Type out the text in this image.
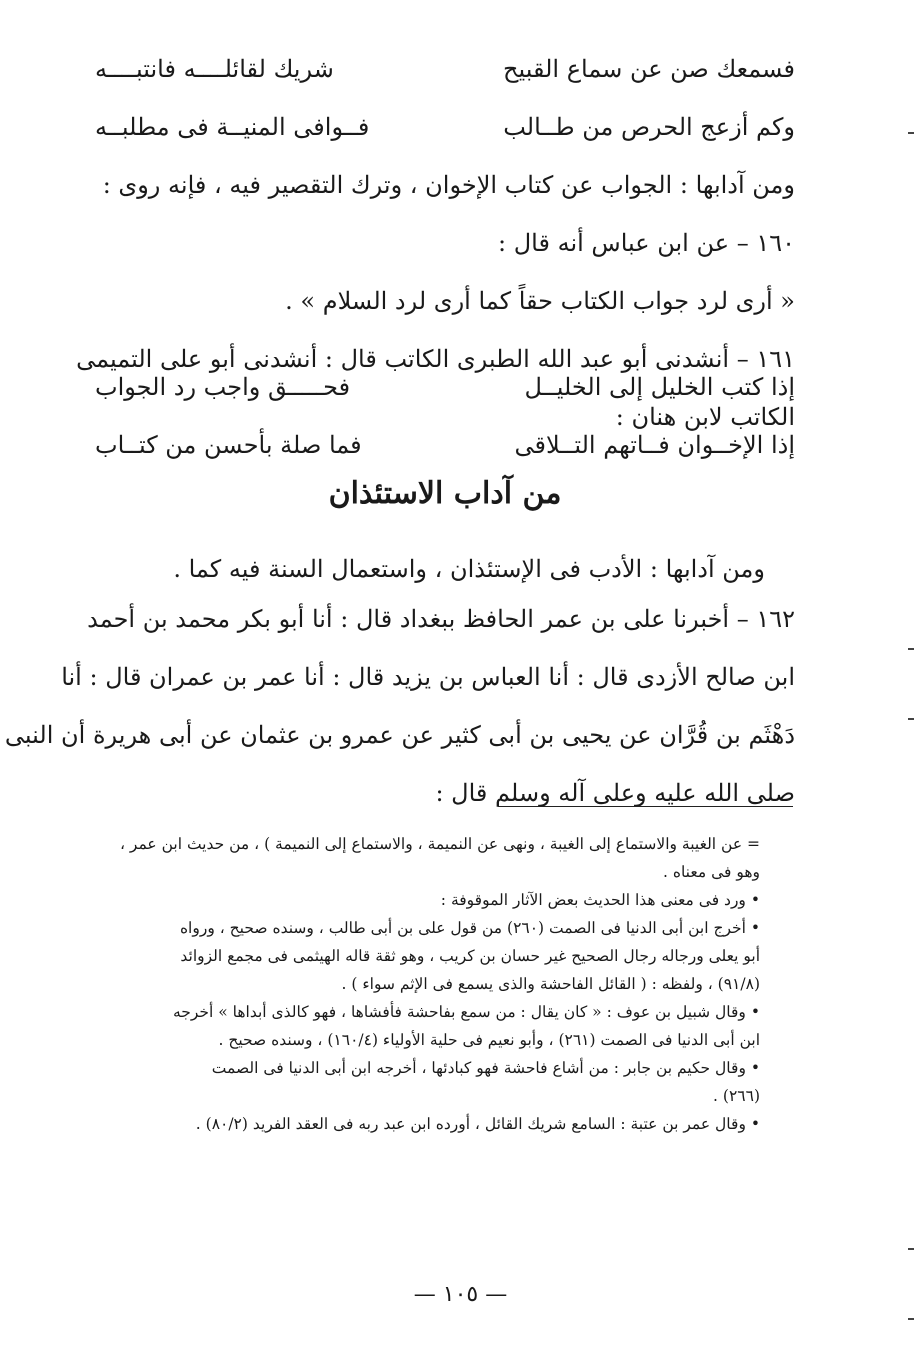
فسمعك صن عن سماع القبيح
شريك لقائلــــه فانتبــــه
وكم أزعج الحرص من طــالب
فــوافى المنيــة فى مطلبــه
ومن آدابها : الجواب عن كتاب الإخوان ، وترك التقصير فيه ، فإنه روى :
١٦٠ – عن ابن عباس أنه قال :
« أرى لرد جواب الكتاب حقاً كما أرى لرد السلام » .
١٦١ – أنشدنى أبو عبد الله الطبرى الكاتب قال : أنشدنى أبو على التميمى
الكاتب لابن هنان :
إذا كتب الخليل إلى الخليــل
فحـــــق واجب رد الجواب
إذا الإخــوان فــاتهم التــلاقى
فما صلة بأحسن من كتــاب
من آداب الاستئذان
ومن آدابها : الأدب فى الإستئذان ، واستعمال السنة فيه كما .
١٦٢ – أخبرنا على بن عمر الحافظ ببغداد قال : أنا أبو بكر محمد بن أحمد
ابن صالح الأزدى قال : أنا العباس بن يزيد قال : أنا عمر بن عمران قال : أنا
دَهْثَم بن قُرَّان عن يحيى بن أبى كثير عن عمرو بن عثمان عن أبى هريرة أن النبى
صلى الله عليه وعلى آله وسلم قال :
= عن الغيبة والاستماع إلى الغيبة ، ونهى عن النميمة ، والاستماع إلى النميمة ) ، من حديث ابن عمر ،
وهو فى معناه .
• ورد فى معنى هذا الحديث بعض الآثار الموقوفة :
• أخرج ابن أبى الدنيا فى الصمت (٢٦٠) من قول على بن أبى طالب ، وسنده صحيح ، ورواه
أبو يعلى ورجاله رجال الصحيح غير حسان بن كريب ، وهو ثقة قاله الهيثمى فى مجمع الزوائد
(٩١/٨) ، ولفظه : ( القائل الفاحشة والذى يسمع فى الإثم سواء ) .
• وقال شبيل بن عوف : « كان يقال : من سمع بفاحشة فأفشاها ، فهو كالذى أبداها » أخرجه
ابن أبى الدنيا فى الصمت (٢٦١) ، وأبو نعيم فى حلية الأولياء (١٦٠/٤) ، وسنده صحيح .
• وقال حكيم بن جابر : من أشاع فاحشة فهو كبادئها ، أخرجه ابن أبى الدنيا فى الصمت
(٢٦٦) .
• وقال عمر بن عتبة : السامع شريك القائل ، أورده ابن عبد ربه فى العقد الفريد (٨٠/٢) .
— ١٠٥ —
